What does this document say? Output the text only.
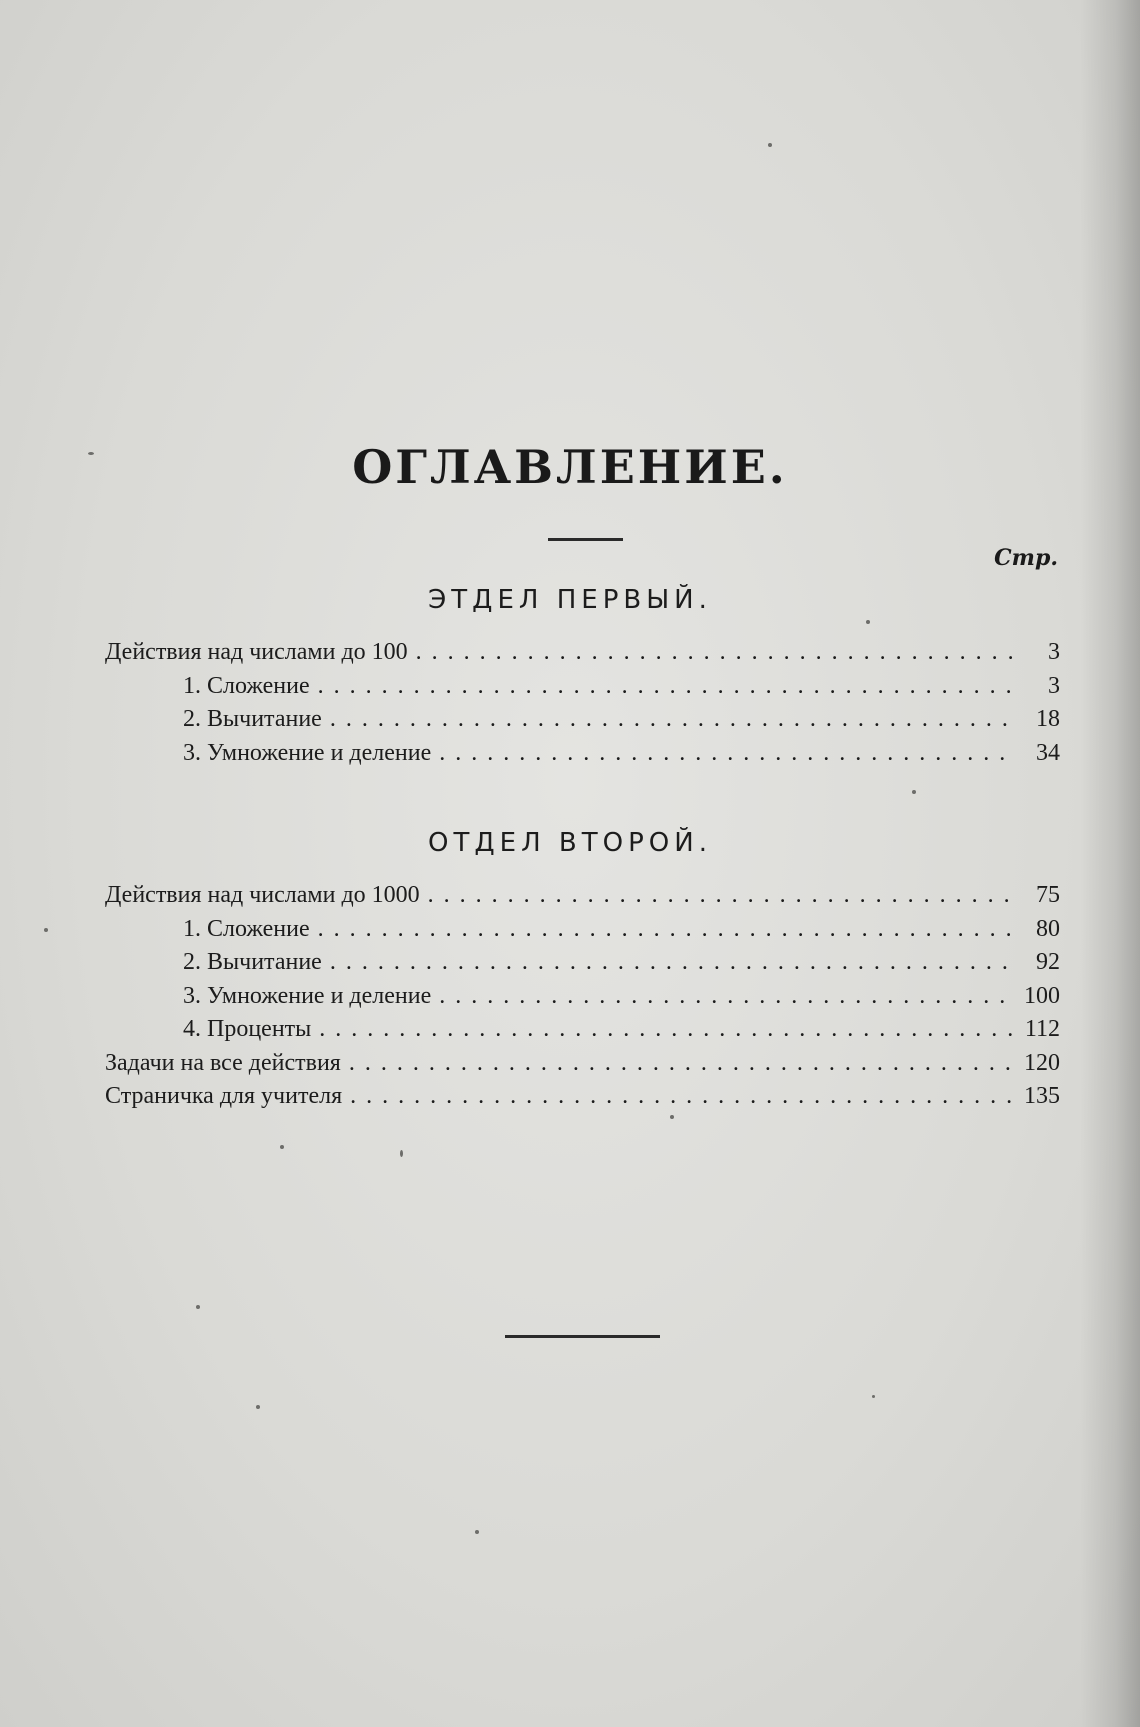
ОГЛАВЛЕНИЕ.
Стр.
ЭТДЕЛ ПЕРВЫЙ.
Действия над числами до 100 . . .	3
1. Сложение . . .	3
2. Вычитание . . .	18
3. Умножение и деление . . .	34
ОТДЕЛ ВТОРОЙ.
Действия над числами до 1000 . . .	75
1. Сложение . . .	80
2. Вычитание . . .	92
3. Умножение и деление . . .	100
4. Проценты . . .	112
Задачи на все действия . . .	120
Страничка для учителя . . .	135
